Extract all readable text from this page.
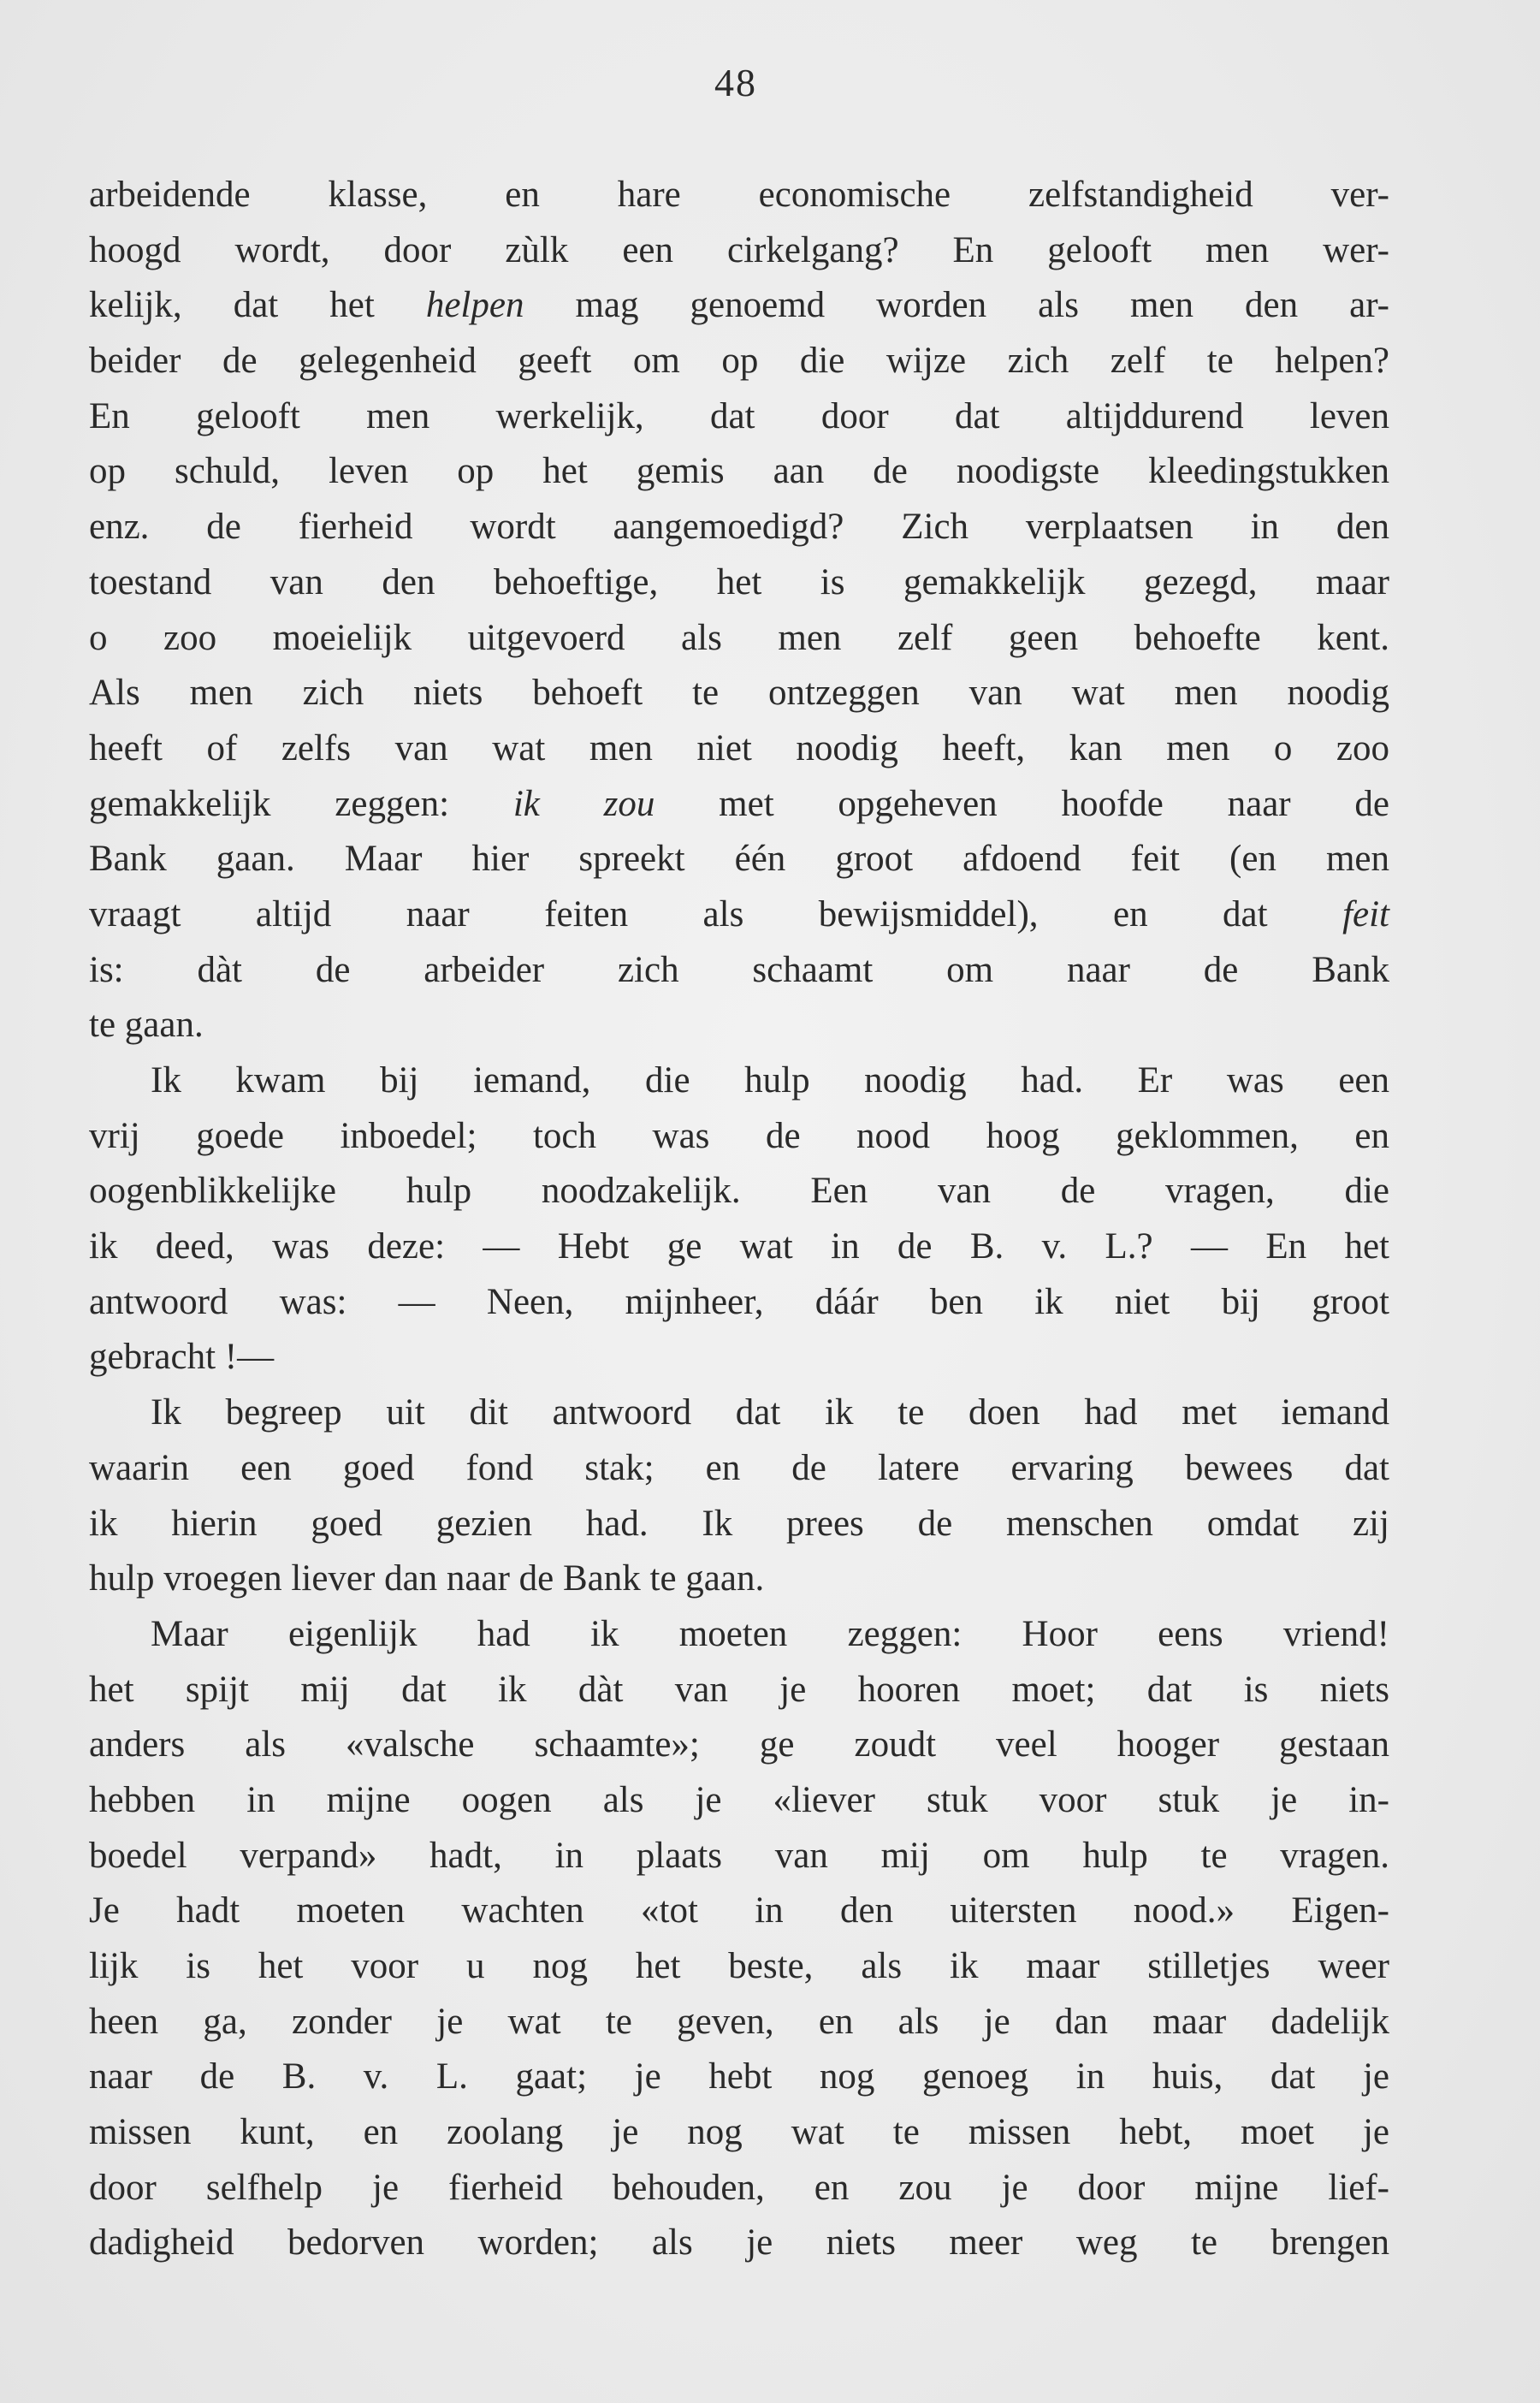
48
arbeidende klasse, en hare economische zelfstandigheid ver-
hoogd wordt, door zùlk een cirkelgang? En gelooft men wer-
kelijk, dat het helpen mag genoemd worden als men den ar-
beider de gelegenheid geeft om op die wijze zich zelf te helpen?
En gelooft men werkelijk, dat door dat altijddurend leven
op schuld, leven op het gemis aan de noodigste kleedingstukken
enz. de fierheid wordt aangemoedigd? Zich verplaatsen in den
toestand van den behoeftige, het is gemakkelijk gezegd, maar
o zoo moeielijk uitgevoerd als men zelf geen behoefte kent.
Als men zich niets behoeft te ontzeggen van wat men noodig
heeft of zelfs van wat men niet noodig heeft, kan men o zoo
gemakkelijk zeggen: ik zou met opgeheven hoofde naar de
Bank gaan. Maar hier spreekt één groot afdoend feit (en men
vraagt altijd naar feiten als bewijsmiddel), en dat feit
is: dàt de arbeider zich schaamt om naar de Bank
te gaan.
Ik kwam bij iemand, die hulp noodig had. Er was een
vrij goede inboedel; toch was de nood hoog geklommen, en
oogenblikkelijke hulp noodzakelijk. Een van de vragen, die
ik deed, was deze: — Hebt ge wat in de B. v. L.? — En het
antwoord was: — Neen, mijnheer, dáár ben ik niet bij groot
gebracht !—
Ik begreep uit dit antwoord dat ik te doen had met iemand
waarin een goed fond stak; en de latere ervaring bewees dat
ik hierin goed gezien had. Ik prees de menschen omdat zij
hulp vroegen liever dan naar de Bank te gaan.
Maar eigenlijk had ik moeten zeggen: Hoor eens vriend!
het spijt mij dat ik dàt van je hooren moet; dat is niets
anders als «valsche schaamte»; ge zoudt veel hooger gestaan
hebben in mijne oogen als je «liever stuk voor stuk je in-
boedel verpand» hadt, in plaats van mij om hulp te vragen.
Je hadt moeten wachten «tot in den uitersten nood.» Eigen-
lijk is het voor u nog het beste, als ik maar stilletjes weer
heen ga, zonder je wat te geven, en als je dan maar dadelijk
naar de B. v. L. gaat; je hebt nog genoeg in huis, dat je
missen kunt, en zoolang je nog wat te missen hebt, moet je
door selfhelp je fierheid behouden, en zou je door mijne lief-
dadigheid bedorven worden; als je niets meer weg te brengen
